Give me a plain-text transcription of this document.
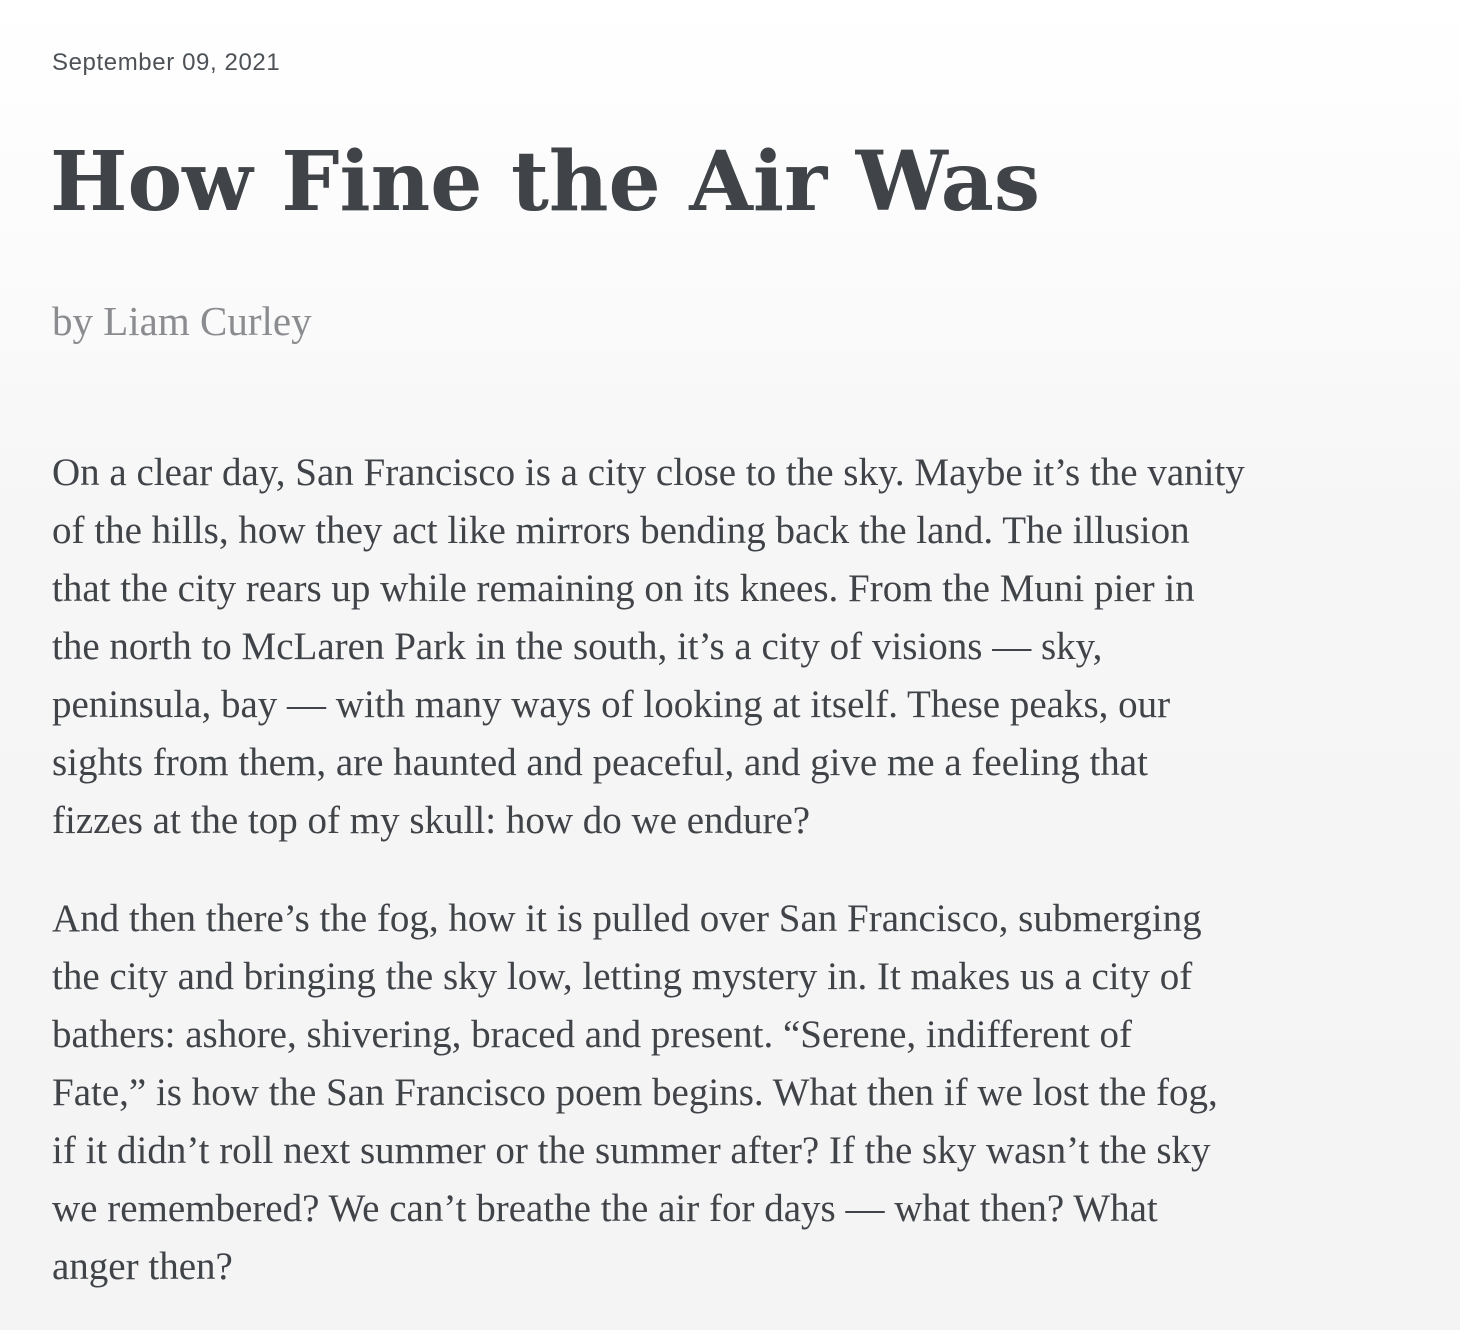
September 09, 2021

How Fine the Air Was

by Liam Curley

On a clear day, San Francisco is a city close to the sky. Maybe it’s the vanity
of the hills, how they act like mirrors bending back the land. The illusion
that the city rears up while remaining on its knees. From the Muni pier in
the north to McLaren Park in the south, it’s a city of visions — sky,
peninsula, bay — with many ways of looking at itself. These peaks, our
sights from them, are haunted and peaceful, and give me a feeling that
fizzes at the top of my skull: how do we endure?

And then there’s the fog, how it is pulled over San Francisco, submerging
the city and bringing the sky low, letting mystery in. It makes us a city of
bathers: ashore, shivering, braced and present. “Serene, indifferent of
Fate,” is how the San Francisco poem begins. What then if we lost the fog,
if it didn’t roll next summer or the summer after? If the sky wasn’t the sky
we remembered? We can’t breathe the air for days — what then? What
anger then?
